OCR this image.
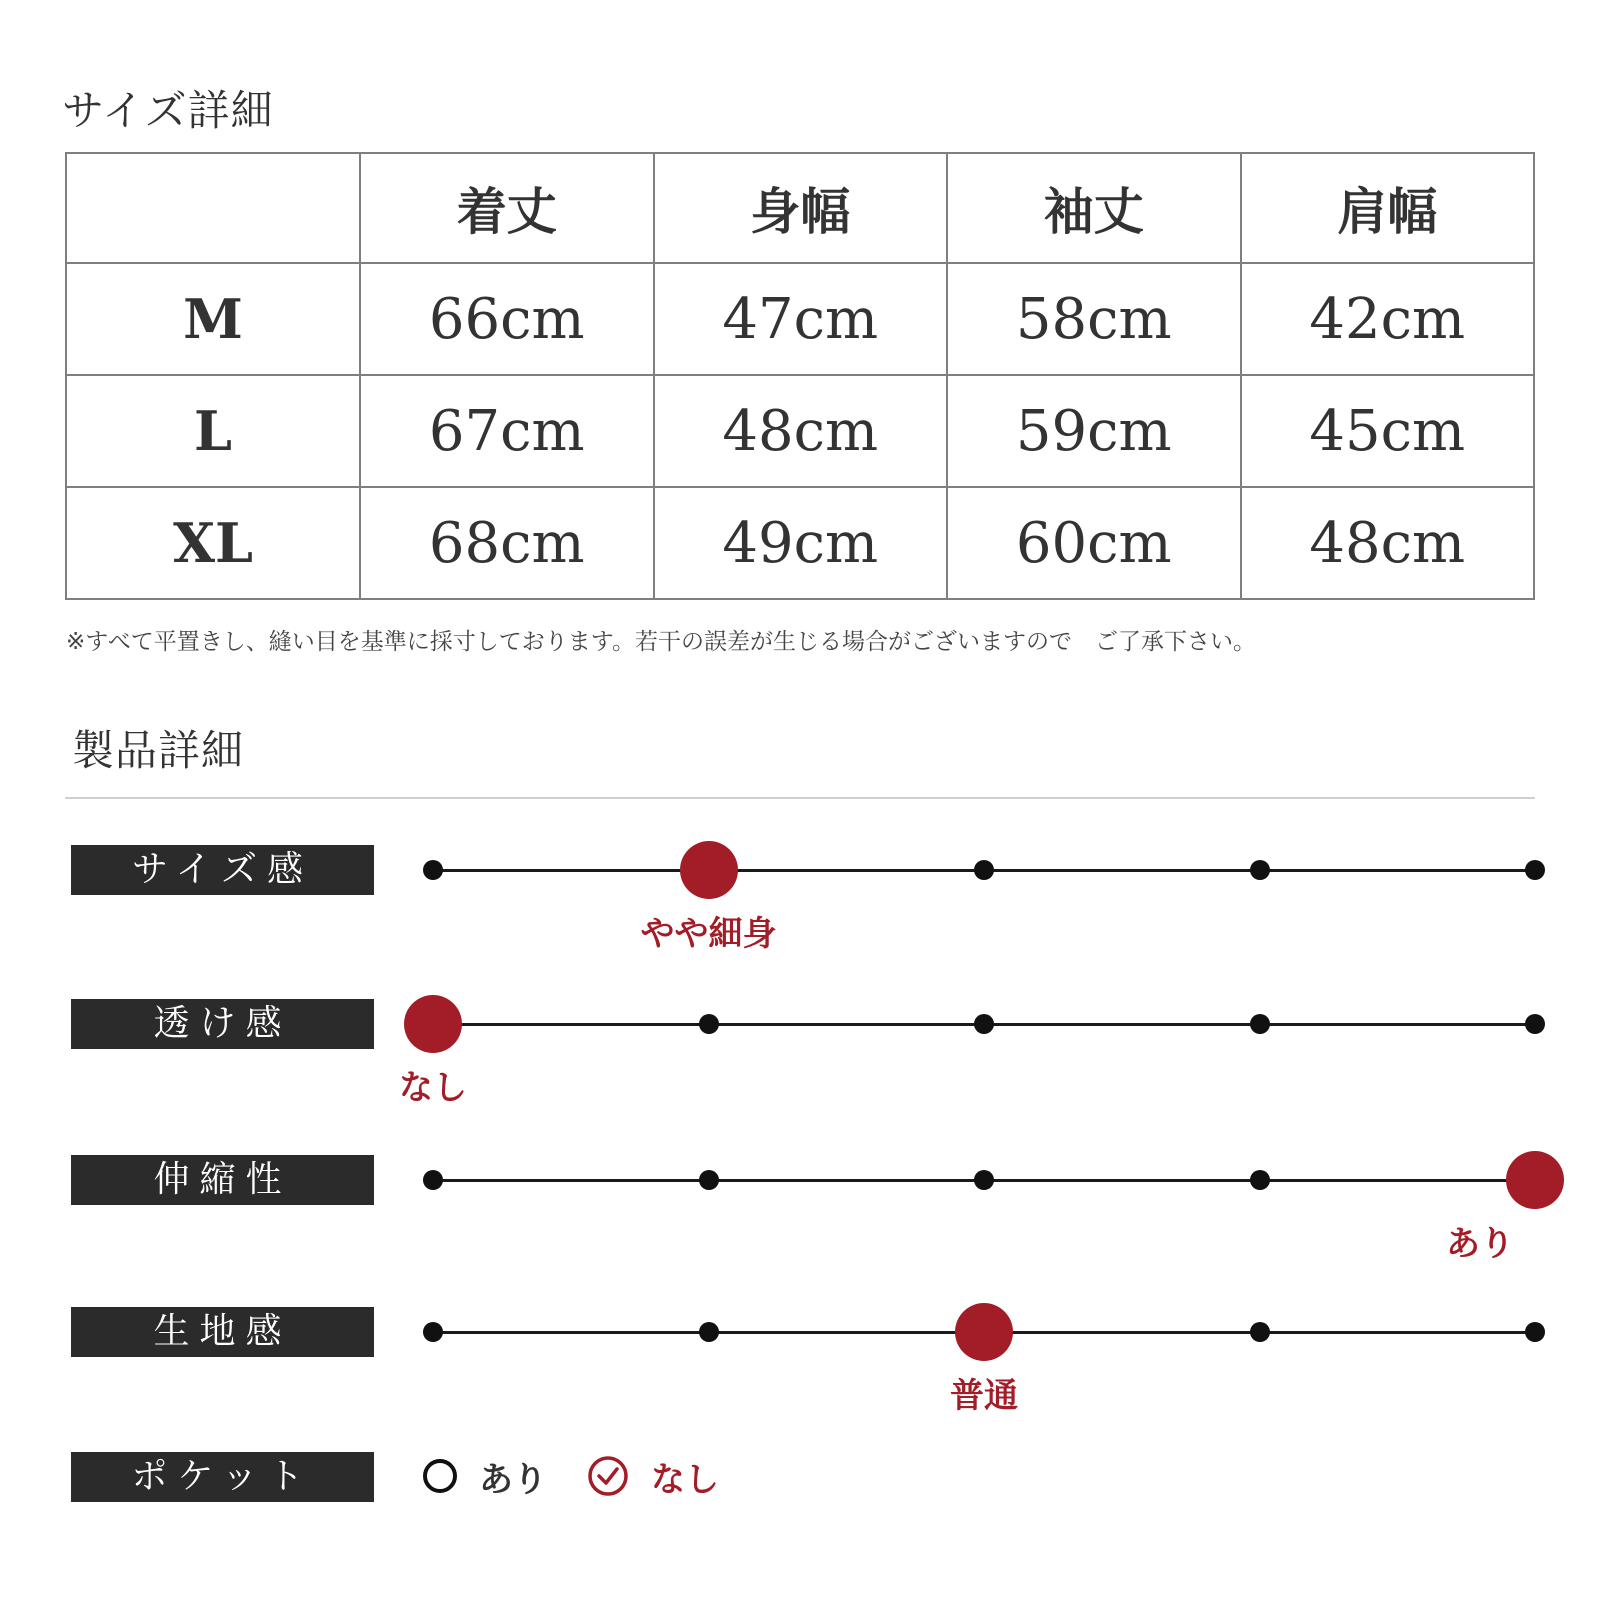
サイズ詳細
	着丈	身幅	袖丈	肩幅
M	66cm	47cm	58cm	42cm
L	67cm	48cm	59cm	45cm
XL	68cm	49cm	60cm	48cm

※すべて平置きし、縫い目を基準に採寸しております。若干の誤差が生じる場合がございますので　ご了承下さい。

製品詳細
サイズ感
やや細身
透け感
なし
伸縮性
あり
生地感
普通
ポケット	あり	なし
